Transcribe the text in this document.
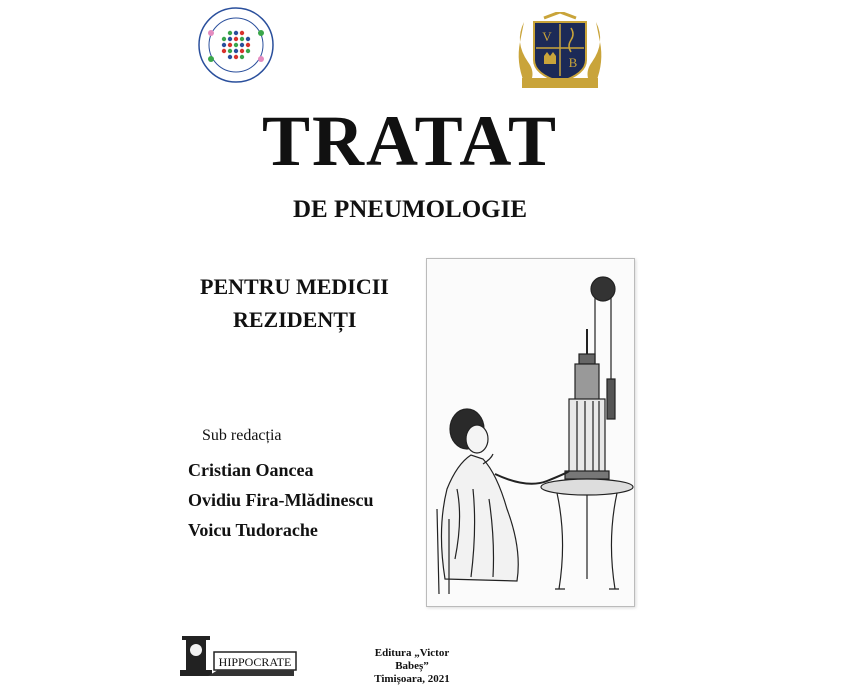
V
B
TRATAT
DE PNEUMOLOGIE
PENTRU MEDICII
REZIDENȚI
Sub redacția
Cristian Oancea
Ovidiu Fira-Mlădinescu
Voicu Tudorache
HIPPOCRATE
Editura „Victor Babeș”
Timișoara, 2021
